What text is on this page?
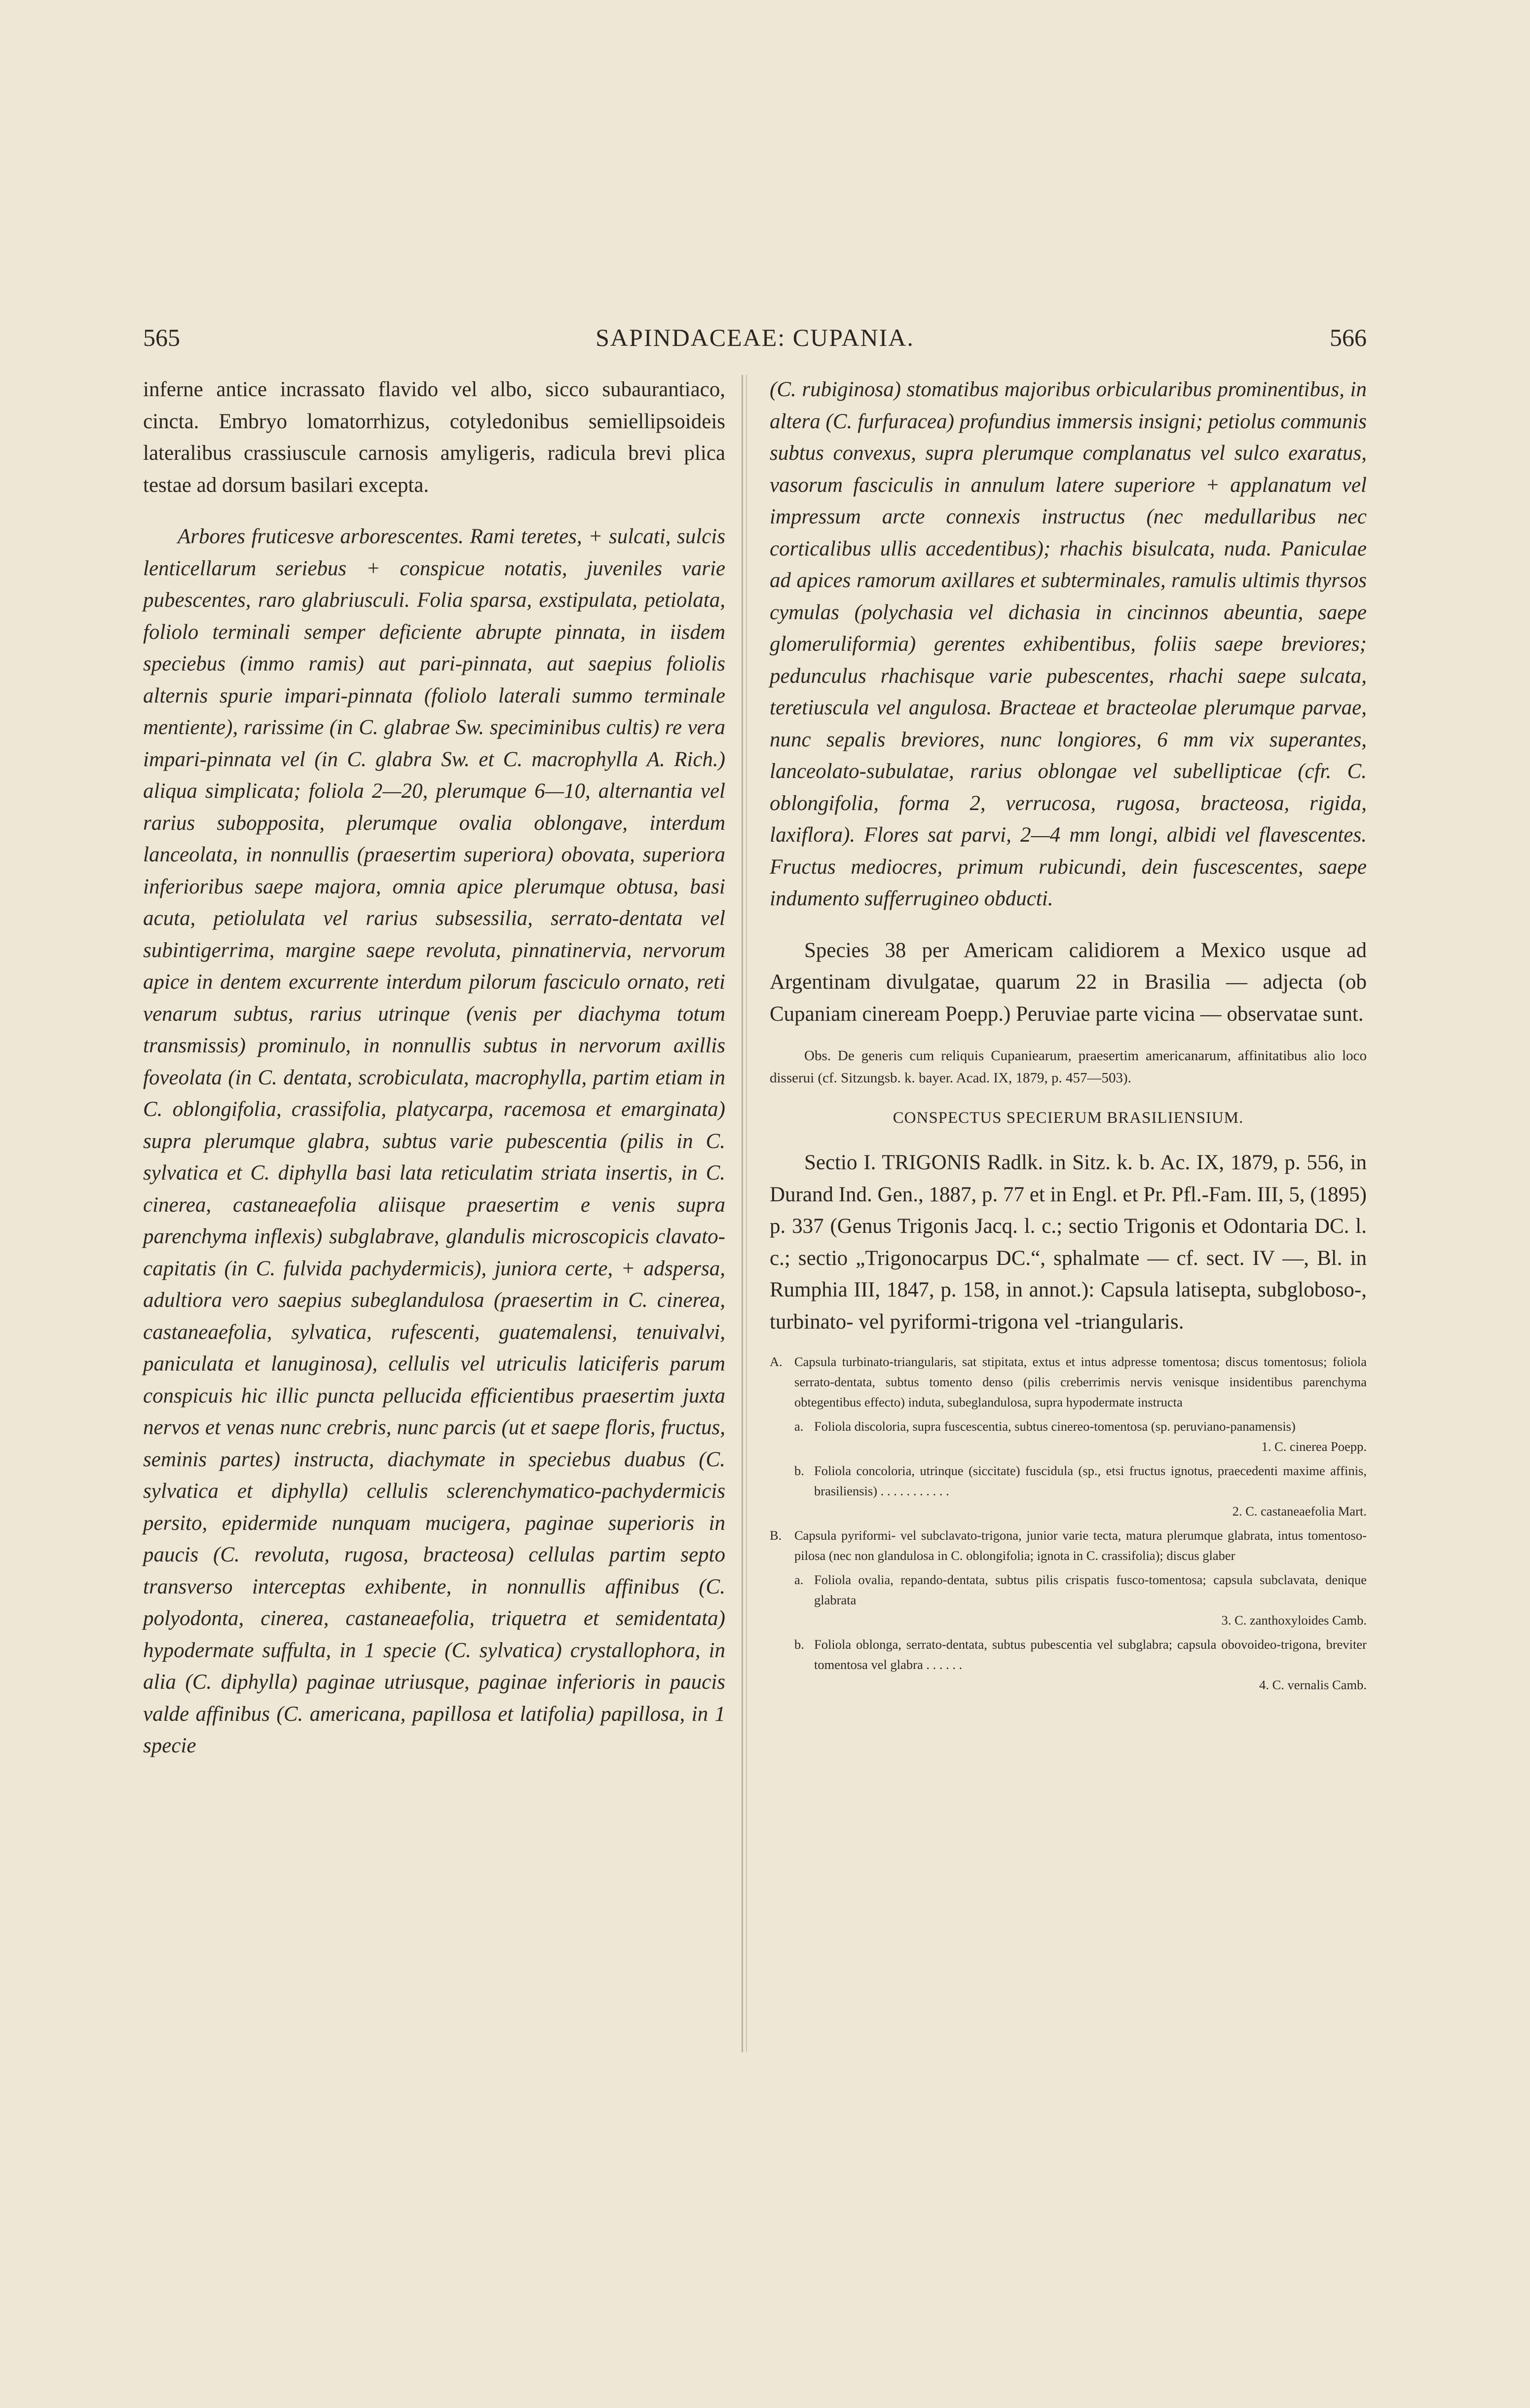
565	SAPINDACEAE: CUPANIA.	566

inferne antice incrassato flavido vel albo, sicco subaurantiaco, cincta. Embryo lomatorrhizus, cotyledonibus semiellipsoideis lateralibus crassiuscule carnosis amyligeris, radicula brevi plica testae ad dorsum basilari excepta.

Arbores fruticesve arborescentes. Rami teretes, + sulcati, sulcis lenticellarum seriebus + conspicue notatis, juveniles varie pubescentes, raro glabriusculi. Folia sparsa, exstipulata, petiolata, foliolo terminali semper deficiente abrupte pinnata, in iisdem speciebus (immo ramis) aut pari-pinnata, aut saepius foliolis alternis spurie impari-pinnata (foliolo laterali summo terminale mentiente), rarissime (in C. glabrae Sw. speciminibus cultis) re vera impari-pinnata vel (in C. glabra Sw. et C. macrophylla A. Rich.) aliqua simplicata; foliola 2—20, plerumque 6—10, alternantia vel rarius subopposita, plerumque ovalia oblongave, interdum lanceolata, in nonnullis (praesertim superiora) obovata, superiora inferioribus saepe majora, omnia apice plerumque obtusa, basi acuta, petiolulata vel rarius subsessilia, serrato-dentata vel subintigerrima, margine saepe revoluta, pinnatinervia, nervorum apice in dentem excurrente interdum pilorum fasciculo ornato, reti venarum subtus, rarius utrinque (venis per diachyma totum transmissis) prominulo, in nonnullis subtus in nervorum axillis foveolata (in C. dentata, scrobiculata, macrophylla, partim etiam in C. oblongifolia, crassifolia, platycarpa, racemosa et emarginata) supra plerumque glabra, subtus varie pubescentia (pilis in C. sylvatica et C. diphylla basi lata reticulatim striata insertis, in C. cinerea, castaneaefolia aliisque praesertim e venis supra parenchyma inflexis) subglabrave, glandulis microscopicis clavato-capitatis (in C. fulvida pachydermicis), juniora certe, + adspersa, adultiora vero saepius subeglandulosa (praesertim in C. cinerea, castaneaefolia, sylvatica, rufescenti, guatemalensi, tenuivalvi, paniculata et lanuginosa), cellulis vel utriculis laticiferis parum conspicuis hic illic puncta pellucida efficientibus praesertim juxta nervos et venas nunc crebris, nunc parcis (ut et saepe floris, fructus, seminis partes) instructa, diachymate in speciebus duabus (C. sylvatica et diphylla) cellulis sclerenchymatico-pachydermicis persito, epidermide nunquam mucigera, paginae superioris in paucis (C. revoluta, rugosa, bracteosa) cellulas partim septo transverso interceptas exhibente, in nonnullis affinibus (C. polyodonta, cinerea, castaneaefolia, triquetra et semidentata) hypodermate suffulta, in 1 specie (C. sylvatica) crystallophora, in alia (C. diphylla) paginae utriusque, paginae inferioris in paucis valde affinibus (C. americana, papillosa et latifolia) papillosa, in 1 specie

(C. rubiginosa) stomatibus majoribus orbicularibus prominentibus, in altera (C. furfuracea) profundius immersis insigni; petiolus communis subtus convexus, supra plerumque complanatus vel sulco exaratus, vasorum fasciculis in annulum latere superiore + applanatum vel impressum arcte connexis instructus (nec medullaribus nec corticalibus ullis accedentibus); rhachis bisulcata, nuda. Paniculae ad apices ramorum axillares et subterminales, ramulis ultimis thyrsos cymulas (polychasia vel dichasia in cincinnos abeuntia, saepe glomeruliformia) gerentes exhibentibus, foliis saepe breviores; pedunculus rhachisque varie pubescentes, rhachi saepe sulcata, teretiuscula vel angulosa. Bracteae et bracteolae plerumque parvae, nunc sepalis breviores, nunc longiores, 6 mm vix superantes, lanceolato-subulatae, rarius oblongae vel subellipticae (cfr. C. oblongifolia, forma 2, verrucosa, rugosa, bracteosa, rigida, laxiflora). Flores sat parvi, 2—4 mm longi, albidi vel flavescentes. Fructus mediocres, primum rubicundi, dein fuscescentes, saepe indumento sufferrugineo obducti.

Species 38 per Americam calidiorem a Mexico usque ad Argentinam divulgatae, quarum 22 in Brasilia — adjecta (ob Cupaniam cineream Poepp.) Peruviae parte vicina — observatae sunt.

Obs. De generis cum reliquis Cupaniearum, praesertim americanarum, affinitatibus alio loco disserui (cf. Sitzungsb. k. bayer. Acad. IX, 1879, p. 457—503).

CONSPECTUS SPECIERUM BRASILIENSIUM.

Sectio I. TRIGONIS Radlk. in Sitz. k. b. Ac. IX, 1879, p. 556, in Durand Ind. Gen., 1887, p. 77 et in Engl. et Pr. Pfl.-Fam. III, 5, (1895) p. 337 (Genus Trigonis Jacq. l. c.; sectio Trigonis et Odontaria DC. l. c.; sectio „Trigonocarpus DC.“, sphalmate — cf. sect. IV —, Bl. in Rumphia III, 1847, p. 158, in annot.): Capsula latisepta, subgloboso-, turbinato- vel pyriformi-trigona vel -triangularis.

A. Capsula turbinato-triangularis, sat stipitata, extus et intus adpresse tomentosa; discus tomentosus; foliola serrato-dentata, subtus tomento denso (pilis creberrimis nervis venisque insidentibus parenchyma obtegentibus effecto) induta, subeglandulosa, supra hypodermate instructa
a. Foliola discoloria, supra fuscescentia, subtus cinereo-tomentosa (sp. peruviano-panamensis)
1. C. cinerea Poepp.
b. Foliola concoloria, utrinque (siccitate) fuscidula (sp., etsi fructus ignotus, praecedenti maxime affinis, brasiliensis) . . . . . . . . . . .
2. C. castaneaefolia Mart.
B. Capsula pyriformi- vel subclavato-trigona, junior varie tecta, matura plerumque glabrata, intus tomentoso-pilosa (nec non glandulosa in C. oblongifolia; ignota in C. crassifolia); discus glaber
a. Foliola ovalia, repando-dentata, subtus pilis crispatis fusco-tomentosa; capsula subclavata, denique glabrata
3. C. zanthoxyloides Camb.
b. Foliola oblonga, serrato-dentata, subtus pubescentia vel subglabra; capsula obovoideo-trigona, breviter tomentosa vel glabra . . . . . .
4. C. vernalis Camb.
